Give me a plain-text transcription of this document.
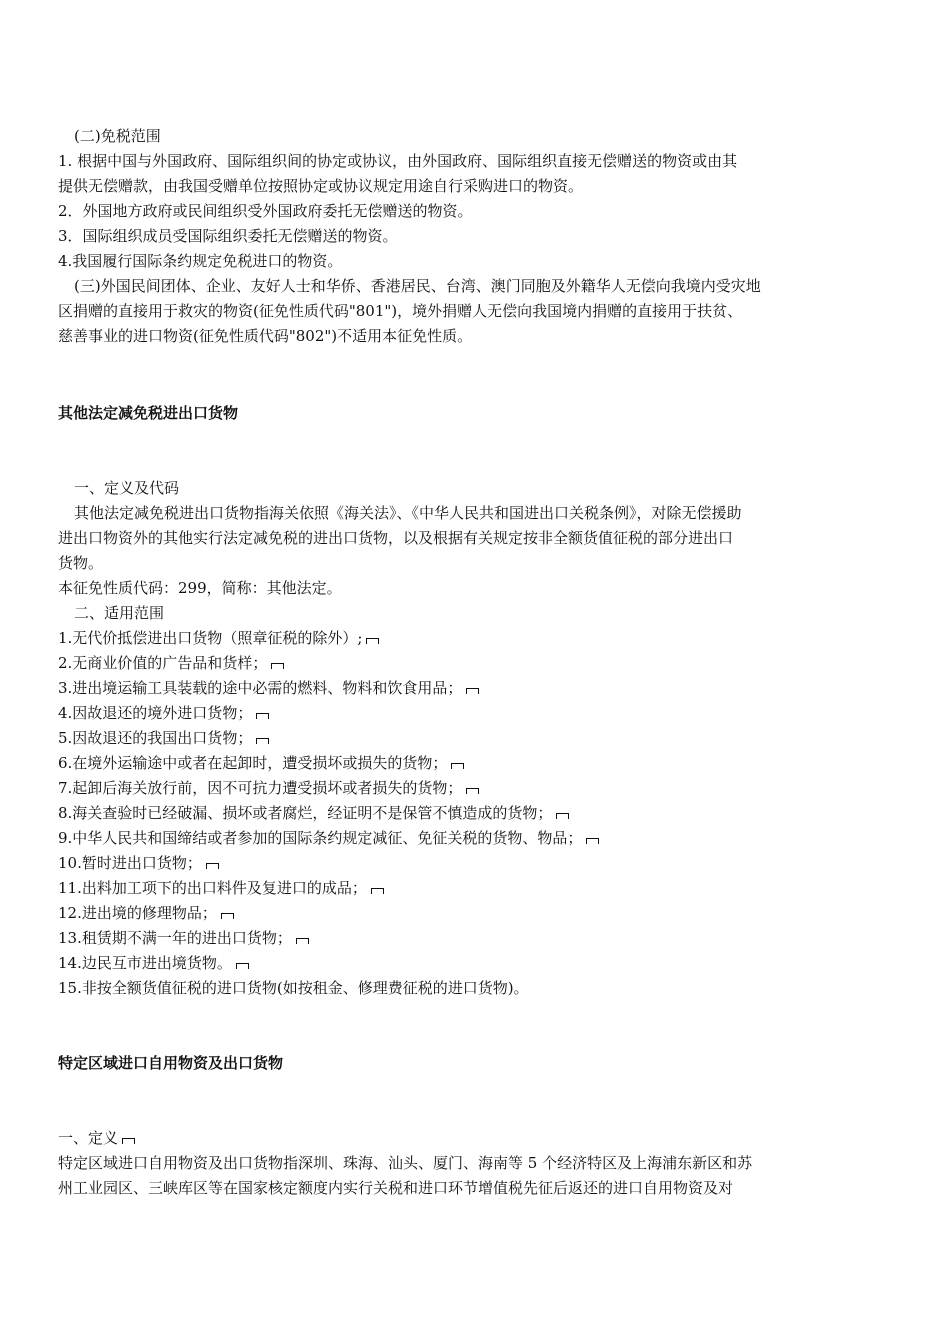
(二)免税范围
1. 根据中国与外国政府、国际组织间的协定或协议，由外国政府、国际组织直接无偿赠送的物资或由其
提供无偿赠款，由我国受赠单位按照协定或协议规定用途自行采购进口的物资。
2．外国地方政府或民间组织受外国政府委托无偿赠送的物资。
3．国际组织成员受国际组织委托无偿赠送的物资。
4.我国履行国际条约规定免税进口的物资。
(三)外国民间团体、企业、友好人士和华侨、香港居民、台湾、澳门同胞及外籍华人无偿向我境内受灾地
区捐赠的直接用于救灾的物资(征免性质代码"801")，境外捐赠人无偿向我国境内捐赠的直接用于扶贫、
慈善事业的进口物资(征免性质代码"802")不适用本征免性质。
其他法定减免税进出口货物
一、定义及代码
其他法定减免税进出口货物指海关依照《海关法》、《中华人民共和国进出口关税条例》，对除无偿援助
进出口物资外的其他实行法定减免税的进出口货物，以及根据有关规定按非全额货值征税的部分进出口
货物。
本征免性质代码：299，简称：其他法定。
二、适用范围
1.无代价抵偿进出口货物（照章征税的除外）;
2.无商业价值的广告品和货样；
3.进出境运输工具装载的途中必需的燃料、物料和饮食用品；
4.因故退还的境外进口货物；
5.因故退还的我国出口货物；
6.在境外运输途中或者在起卸时，遭受损坏或损失的货物；
7.起卸后海关放行前，因不可抗力遭受损坏或者损失的货物；
8.海关查验时已经破漏、损坏或者腐烂，经证明不是保管不慎造成的货物；
9.中华人民共和国缔结或者参加的国际条约规定减征、免征关税的货物、物品；
10.暂时进出口货物；
11.出料加工项下的出口料件及复进口的成品；
12.进出境的修理物品；
13.租赁期不满一年的进出口货物；
14.边民互市进出境货物。
15.非按全额货值征税的进口货物(如按租金、修理费征税的进口货物)。
特定区域进口自用物资及出口货物
一、定义
特定区域进口自用物资及出口货物指深圳、珠海、汕头、厦门、海南等 5 个经济特区及上海浦东新区和苏
州工业园区、三峡库区等在国家核定额度内实行关税和进口环节增值税先征后返还的进口自用物资及对
